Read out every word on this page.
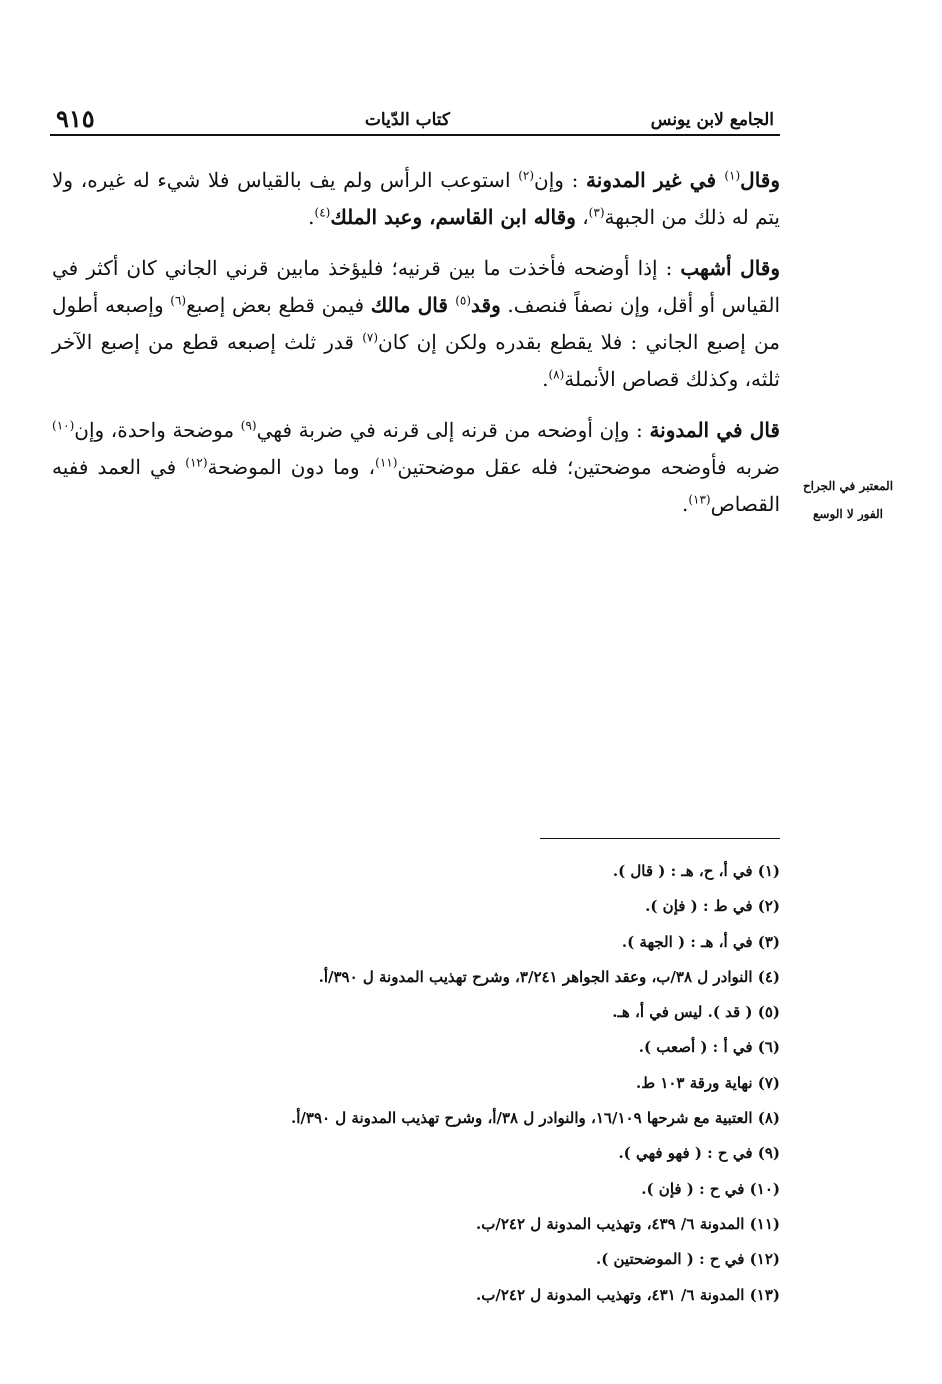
الجامع لابن يونس
كتاب الدّيات
٩١٥

وقال$^{(١)}$ في غير المدونة : وإن$^{(٢)}$ استوعب الرأس ولم يف بالقياس فلا شيء له غيره، ولا يتم له ذلك من الجبهة$^{(٣)}$، وقاله ابن القاسم، وعبد الملك$^{(٤)}$.

وقال أشهب : إذا أوضحه فأخذت ما بين قرنيه؛ فليؤخذ مابين قرني الجاني كان أكثر في القياس أو أقل، وإن نصفاً فنصف. وقد$^{(٥)}$ قال مالك فيمن قطع بعض إصبع$^{(٦)}$ وإصبعه أطول من إصبع الجاني : فلا يقطع بقدره ولكن إن كان$^{(٧)}$ قدر ثلث إصبعه قطع من إصبع الآخر ثلثه، وكذلك قصاص الأنملة$^{(٨)}$.

قال في المدونة : وإن أوضحه من قرنه إلى قرنه في ضربة فهي$^{(٩)}$ موضحة واحدة، وإن$^{(١٠)}$ ضربه فأوضحه موضحتين؛ فله عقل موضحتين$^{(١١)}$، وما دون الموضحة$^{(١٢)}$ في العمد ففيه القصاص$^{(١٣)}$.

المعتبر في الجراح
الفور لا الوسع
(١) في أ، ح، هـ : ( قال ).
(٢) في ط : ( فإن ).
(٣) في أ، هـ : ( الجهة ).
(٤) النوادر ل ٣٨/ب، وعقد الجواهر ٣/٢٤١، وشرح تهذيب المدونة ل ٣٩٠/أ.
(٥) ( قد ). ليس في أ، هـ.
(٦) في أ : ( أصعب ).
(٧) نهاية ورقة ١٠٣ ط.
(٨) العتبية مع شرحها ١٦/١٠٩، والنوادر ل ٣٨/أ، وشرح تهذيب المدونة ل ٣٩٠/أ.
(٩) في ح : ( فهو فهي ).
(١٠) في ح : ( فإن ).
(١١) المدونة ٦/ ٤٣٩، وتهذيب المدونة ل ٢٤٢/ب.
(١٢) في ح : ( الموضحتين ).
(١٣) المدونة ٦/ ٤٣١، وتهذيب المدونة ل ٢٤٢/ب.
